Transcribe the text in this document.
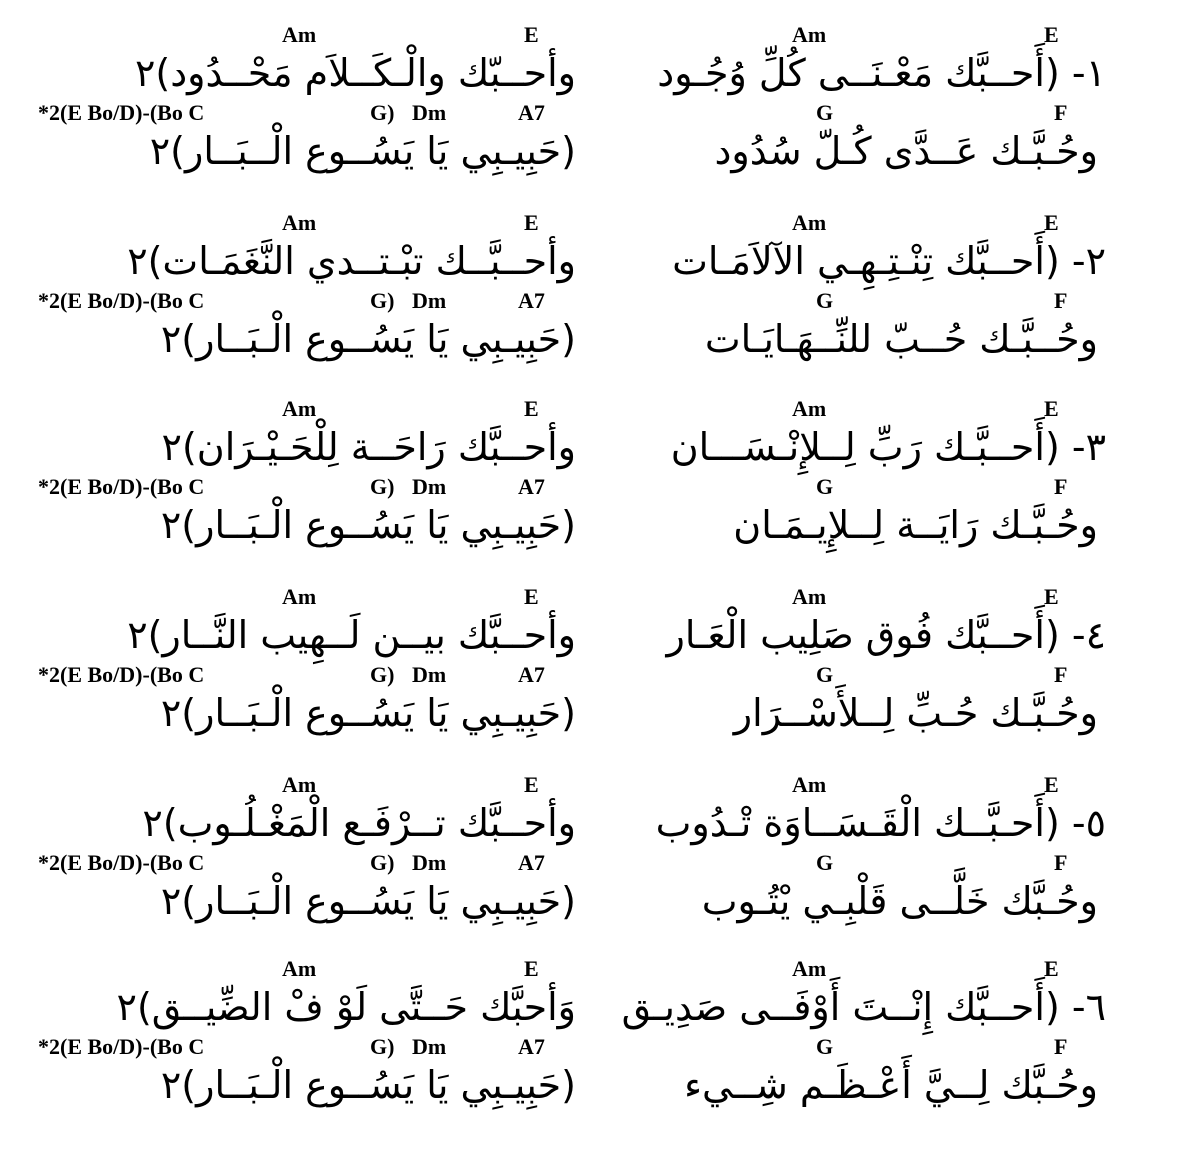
Am	E	Am	E
١- (أَحــبَّك مَعْـنَــى كُلِّ وُجُـود
وأحــبّك والْـكَــلاَم مَحْــدُود)٢
*2(E Bo/D)-(Bo C	G) Dm	A7	G	F
وحُـبَّـك عَــدَّى كُـلّ سُدُود
(حَبِيـبِي يَا يَسُــوع الْــبَــار)٢
Am	E	Am	E
٢- (أَحــبَّك تِنْـتِـهِـي الآلاَمَـات
وأحــبَّــك تبْـتــدي النَّغَمَـات)٢
*2(E Bo/D)-(Bo C	G) Dm	A7	G	F
وحُــبَّـك حُــبّ للنِّــهَـايَـات
(حَبِيـبِي يَا يَسُــوع الْـبَــار)٢
Am	E	Am	E
٣- (أَحــبَّـك رَبِّ لِــلإِنْـسَـــان
وأحــبَّك رَاحَــة لِلْحَـيْـرَان)٢
*2(E Bo/D)-(Bo C	G) Dm	A7	G	F
وحُـبَّـك رَايَــة لِــلإِيـمَـان
(حَبِيـبِي يَا يَسُــوع الْـبَــار)٢
Am	E	Am	E
٤- (أَحــبَّك فُوق صَلِيب الْعَـار
وأحــبَّك بيــن لَــهِيب النَّــار)٢
*2(E Bo/D)-(Bo C	G) Dm	A7	G	F
وحُـبَّـك حُـبِّ لِــلأَسْــرَار
(حَبِيـبِي يَا يَسُــوع الْـبَــار)٢
Am	E	Am	E
٥- (أَحـبَّــك الْقَـسَــاوَة تْـدُوب
وأحــبَّك تــرْفَـع الْمَغْـلُـوب)٢
*2(E Bo/D)-(Bo C	G) Dm	A7	G	F
وحُـبَّك خَلَّــى قَلْبِـي يْتُـوب
(حَبِيـبِي يَا يَسُــوع الْـبَــار)٢
Am	E	Am	E
٦- (أَحــبَّك إِنْــتَ أَوْفَــى صَدِيـق
وَأحبَّك حَــتَّى لَوْ فْ الضِّيــق)٢
*2(E Bo/D)-(Bo C	G) Dm	A7	G	F
وحُـبَّك لِــيَّ أَعْـظَـم شِــيء
(حَبِيـبِي يَا يَسُــوع الْـبَــار)٢
